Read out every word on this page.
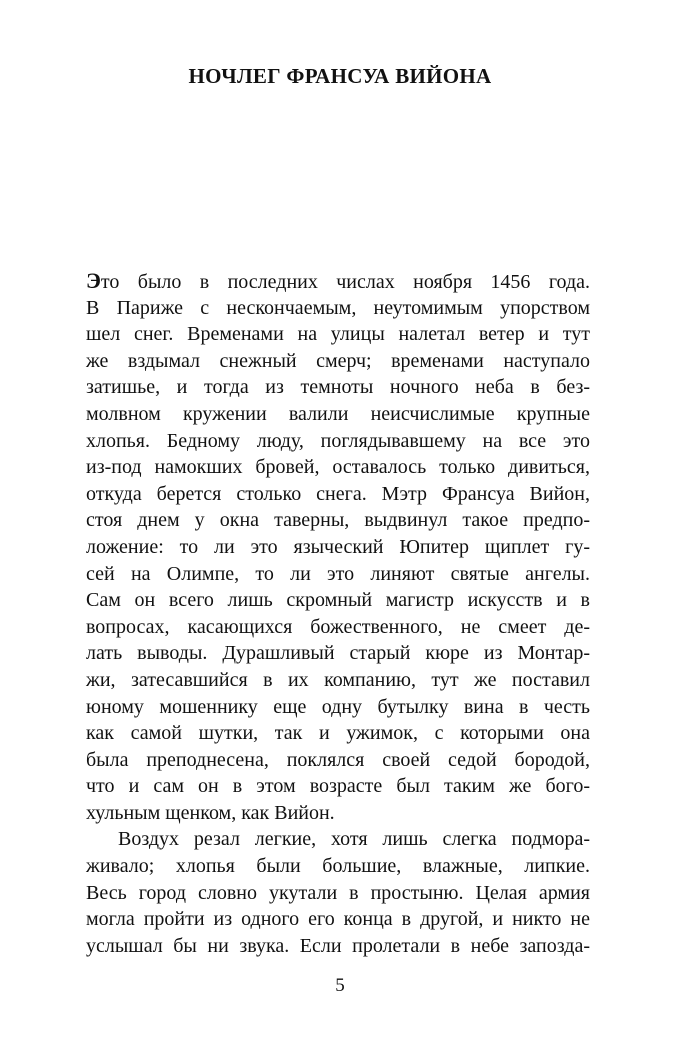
НОЧЛЕГ ФРАНСУА ВИЙОНА
Это было в последних числах ноября 1456 года.
В Париже с нескончаемым, неутомимым упорством
шел снег. Временами на улицы налетал ветер и тут
же вздымал снежный смерч; временами наступало
затишье, и тогда из темноты ночного неба в без-
молвном кружении валили неисчислимые крупные
хлопья. Бедному люду, поглядывавшему на все это
из-под намокших бровей, оставалось только дивиться,
откуда берется столько снега. Мэтр Франсуа Вийон,
стоя днем у окна таверны, выдвинул такое предпо-
ложение: то ли это языческий Юпитер щиплет гу-
сей на Олимпе, то ли это линяют святые ангелы.
Сам он всего лишь скромный магистр искусств и в
вопросах, касающихся божественного, не смеет де-
лать выводы. Дурашливый старый кюре из Монтар-
жи, затесавшийся в их компанию, тут же поставил
юному мошеннику еще одну бутылку вина в честь
как самой шутки, так и ужимок, с которыми она
была преподнесена, поклялся своей седой бородой,
что и сам он в этом возрасте был таким же бого-
хульным щенком, как Вийон.
Воздух резал легкие, хотя лишь слегка подмора-
живало; хлопья были большие, влажные, липкие.
Весь город словно укутали в простыню. Целая армия
могла пройти из одного его конца в другой, и никто не
услышал бы ни звука. Если пролетали в небе запозда-
5
